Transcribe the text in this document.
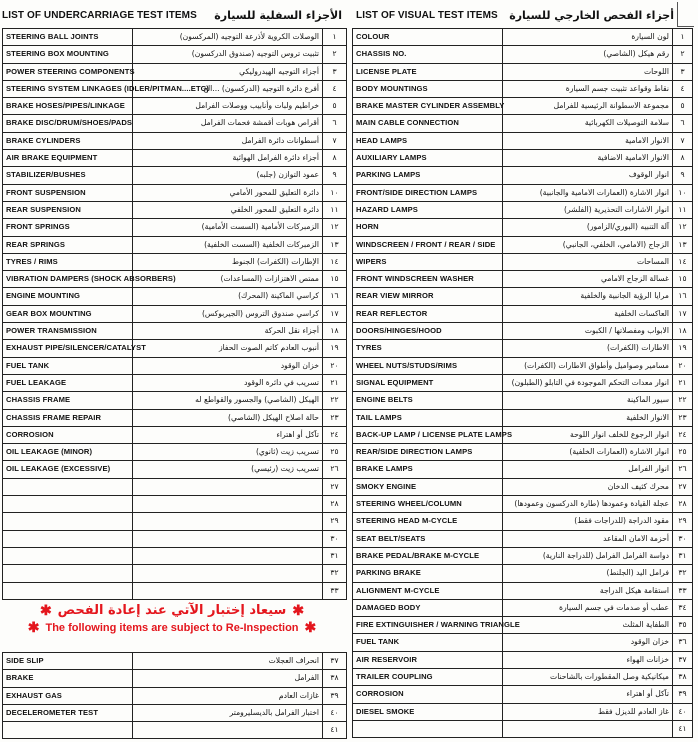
LIST OF UNDERCARRIAGE TEST ITEMS الأجزاء السفلية للسيارة LIST OF VISUAL TEST ITEMS أجزاء الفحص الخارجي للسيارة
STEERING BALL JOINTS	الوصلات الكروية لأذرعة التوجيه (المركسون)	١
STEERING BOX MOUNTING	تثبيت تروس التوجيه (صندوق الدركسون)	٢
POWER STEERING COMPONENTS	أجزاء التوجيه الهيدروليكي	٣
STEERING SYSTEM LINKAGES (IDLER/PITMAN....ETC)	أفرع دائرة التوجيه (الدركسون) ...الخ	٤
BRAKE HOSES/PIPES/LINKAGE	خراطيم ولبات وأنابيب ووصلات الفرامل	٥
BRAKE DISC/DRUM/SHOES/PADS	أقراص هوبات أقمشة فحمات الفرامل	٦
BRAKE CYLINDERS	أسطوانات دائرة الفرامل	٧
AIR BRAKE EQUIPMENT	أجزاء دائرة الفرامل الهوائية	٨
STABILIZER/BUSHES	عمود التوازن (جلبه)	٩
FRONT SUSPENSION	دائرة التعليق للمحور الأمامي	١٠
REAR SUSPENSION	دائرة التعليق للمحور الخلفي	١١
FRONT SPRINGS	الزمبركات الأمامية (السست الأمامية)	١٢
REAR SPRINGS	الزمبركات الخلفية (السست الخلفية)	١٣
TYRES / RIMS	الإطارات (الكفرات) الجنوط	١٤
VIBRATION DAMPERS (SHOCK ABSORBERS)	ممتص الاهتزازات (المساعدات)	١٥
ENGINE MOUNTING	كراسي الماكينة (المحرك)	١٦
GEAR BOX MOUNTING	كراسي صندوق التروس (الجيربوكس)	١٧
POWER TRANSMISSION	أجزاء نقل الحركة	١٨
EXHAUST PIPE/SILENCER/CATALYST	أنبوب العادم كاتم الصوت الحفاز	١٩
FUEL TANK	خزان الوقود	٢٠
FUEL LEAKAGE	تسريب في دائرة الوقود	٢١
CHASSIS FRAME	الهيكل (الشاصي) والجسور والقواطع له	٢٢
CHASSIS FRAME REPAIR	حالة اصلاح الهيكل (الشاصي)	٢٣
CORROSION	تآكل أو اهتراء	٢٤
OIL LEAKAGE (MINOR)	تسريب زيت (ثانوي)	٢٥
OIL LEAKAGE (EXCESSIVE)	تسريب زيت (رئيسي)	٢٦
		٢٧
		٢٨
		٢٩
		٣٠
		٣١
		٣٢
		٣٣
✱ سيعاد إختبار الآتي عند إعادة الفحص ✱
✱ The following items are subject to Re-Inspection ✱
SIDE SLIP	انحراف العجلات	٣٧
BRAKE	الفرامل	٣٨
EXHAUST GAS	غازات العادم	٣٩
DECELEROMETER TEST	اختبار الفرامل بالديسليرومتر	٤٠
		٤١
COLOUR	لون السيارة	١
CHASSIS NO.	رقم هيكل (الشاصي)	٢
LICENSE PLATE	اللوحات	٣
BODY MOUNTINGS	نقاط وقواعد تثبيت جسم السيارة	٤
BRAKE MASTER CYLINDER ASSEMBLY	مجموعة الاسطوانة الرئيسية للفرامل	٥
MAIN CABLE CONNECTION	سلامة التوصيلات الكهربائية	٦
HEAD LAMPS	الانوار الامامية	٧
AUXILIARY LAMPS	الانوار الامامية الاضافية	٨
PARKING LAMPS	انوار الوقوف	٩
FRONT/SIDE DIRECTION LAMPS	انوار الاشارة (العمارات الامامية والجانبية)	١٠
HAZARD LAMPS	انوار الاشارات التحذيرية (الفلشر)	١١
HORN	آلة التنبيه (البوري/الزامور)	١٢
WINDSCREEN / FRONT / REAR / SIDE	الزجاج (الامامي، الخلفي، الجانبي)	١٣
WIPERS	المساحات	١٤
FRONT WINDSCREEN WASHER	غسالة الزجاج الامامي	١٥
REAR VIEW MIRROR	مرايا الرؤية الجانبية والخلفية	١٦
REAR REFLECTOR	العاكسات الخلفية	١٧
DOORS/HINGES/HOOD	الابواب ومفصلاتها / الكبوت	١٨
TYRES	الاطارات (الكفرات)	١٩
WHEEL NUTS/STUDS/RIMS	مسامير وصواميل وأطواق الاطارات (الكفرات)	٢٠
SIGNAL EQUIPMENT	انوار معدات التحكم الموجودة في التابلو (الطبلون)	٢١
ENGINE BELTS	سيور الماكينة	٢٢
TAIL LAMPS	الانوار الخلفية	٢٣
BACK-UP LAMP / LICENSE PLATE LAMPS	انوار الرجوع للخلف انوار اللوحة	٢٤
REAR/SIDE DIRECTION LAMPS	انوار الاشارة (العمارات الخلفية)	٢٥
BRAKE LAMPS	انوار الفرامل	٢٦
SMOKY ENGINE	محرك كثيف الدخان	٢٧
STEERING WHEEL/COLUMN	عجلة القيادة وعمودها (طارة الدركسون وعمودها)	٢٨
STEERING HEAD M-CYCLE	مقود الدراجة (للدراجات فقط)	٢٩
SEAT BELT/SEATS	أحزمة الامان المقاعد	٣٠
BRAKE PEDAL/BRAKE M-CYCLE	دواسة الفرامل الفرامل (للدراجة النارية)	٣١
PARKING BRAKE	فرامل اليد (الجلنط)	٣٢
ALIGNMENT M-CYCLE	استقامة هيكل الدراجة	٣٣
DAMAGED BODY	عطب أو صدمات في جسم السيارة	٣٤
FIRE EXTINGUISHER / WARNING TRIANGLE	الطفاية المثلث	٣٥
FUEL TANK	خزان الوقود	٣٦
AIR RESERVOIR	خزانات الهواء	٣٧
TRAILER COUPLING	ميكانيكية وصل المقطورات بالشاحنات	٣٨
CORROSION	تآكل أو اهتراء	٣٩
DIESEL SMOKE	غاز العادم للديزل فقط	٤٠
		٤١
